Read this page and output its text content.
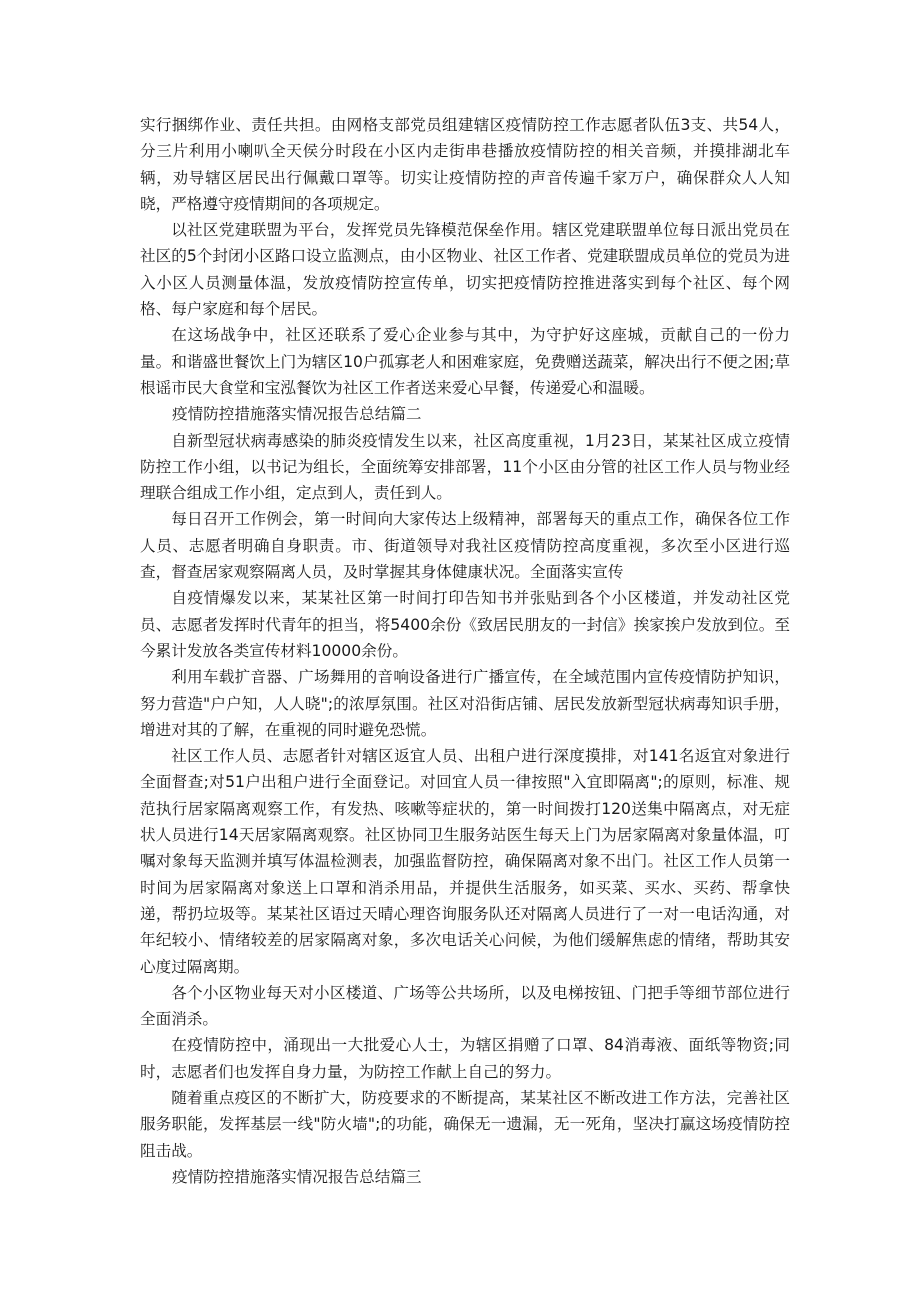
实行捆绑作业、责任共担。由网格支部党员组建辖区疫情防控工作志愿者队伍3支、共54人，分三片利用小喇叭全天侯分时段在小区内走街串巷播放疫情防控的相关音频，并摸排湖北车辆，劝导辖区居民出行佩戴口罩等。切实让疫情防控的声音传遍千家万户，确保群众人人知晓，严格遵守疫情期间的各项规定。

以社区党建联盟为平台，发挥党员先锋模范保垒作用。辖区党建联盟单位每日派出党员在社区的5个封闭小区路口设立监测点，由小区物业、社区工作者、党建联盟成员单位的党员为进入小区人员测量体温，发放疫情防控宣传单，切实把疫情防控推进落实到每个社区、每个网格、每户家庭和每个居民。

在这场战争中，社区还联系了爱心企业参与其中，为守护好这座城，贡献自己的一份力量。和谐盛世餐饮上门为辖区10户孤寡老人和困难家庭，免费赠送蔬菜，解决出行不便之困;草根谣市民大食堂和宝泓餐饮为社区工作者送来爱心早餐，传递爱心和温暖。

疫情防控措施落实情况报告总结篇二

自新型冠状病毒感染的肺炎疫情发生以来，社区高度重视，1月23日，某某社区成立疫情防控工作小组，以书记为组长，全面统筹安排部署，11个小区由分管的社区工作人员与物业经理联合组成工作小组，定点到人，责任到人。

每日召开工作例会，第一时间向大家传达上级精神，部署每天的重点工作，确保各位工作人员、志愿者明确自身职责。市、街道领导对我社区疫情防控高度重视，多次至小区进行巡查，督查居家观察隔离人员，及时掌握其身体健康状况。全面落实宣传

自疫情爆发以来，某某社区第一时间打印告知书并张贴到各个小区楼道，并发动社区党员、志愿者发挥时代青年的担当，将5400余份《致居民朋友的一封信》挨家挨户发放到位。至今累计发放各类宣传材料10000余份。

利用车载扩音器、广场舞用的音响设备进行广播宣传，在全域范围内宣传疫情防护知识，努力营造"户户知，人人晓";的浓厚氛围。社区对沿街店铺、居民发放新型冠状病毒知识手册，增进对其的了解，在重视的同时避免恐慌。

社区工作人员、志愿者针对辖区返宜人员、出租户进行深度摸排，对141名返宜对象进行全面督查;对51户出租户进行全面登记。对回宜人员一律按照"入宜即隔离";的原则，标准、规范执行居家隔离观察工作，有发热、咳嗽等症状的，第一时间拨打120送集中隔离点，对无症状人员进行14天居家隔离观察。社区协同卫生服务站医生每天上门为居家隔离对象量体温，叮嘱对象每天监测并填写体温检测表，加强监督防控，确保隔离对象不出门。社区工作人员第一时间为居家隔离对象送上口罩和消杀用品，并提供生活服务，如买菜、买水、买药、帮拿快递，帮扔垃圾等。某某社区语过天晴心理咨询服务队还对隔离人员进行了一对一电话沟通，对年纪较小、情绪较差的居家隔离对象，多次电话关心问候，为他们缓解焦虑的情绪，帮助其安心度过隔离期。

各个小区物业每天对小区楼道、广场等公共场所，以及电梯按钮、门把手等细节部位进行全面消杀。

在疫情防控中，涌现出一大批爱心人士，为辖区捐赠了口罩、84消毒液、面纸等物资;同时，志愿者们也发挥自身力量，为防控工作献上自己的努力。

随着重点疫区的不断扩大，防疫要求的不断提高，某某社区不断改进工作方法，完善社区服务职能，发挥基层一线"防火墙";的功能，确保无一遗漏，无一死角，坚决打赢这场疫情防控阻击战。

疫情防控措施落实情况报告总结篇三
